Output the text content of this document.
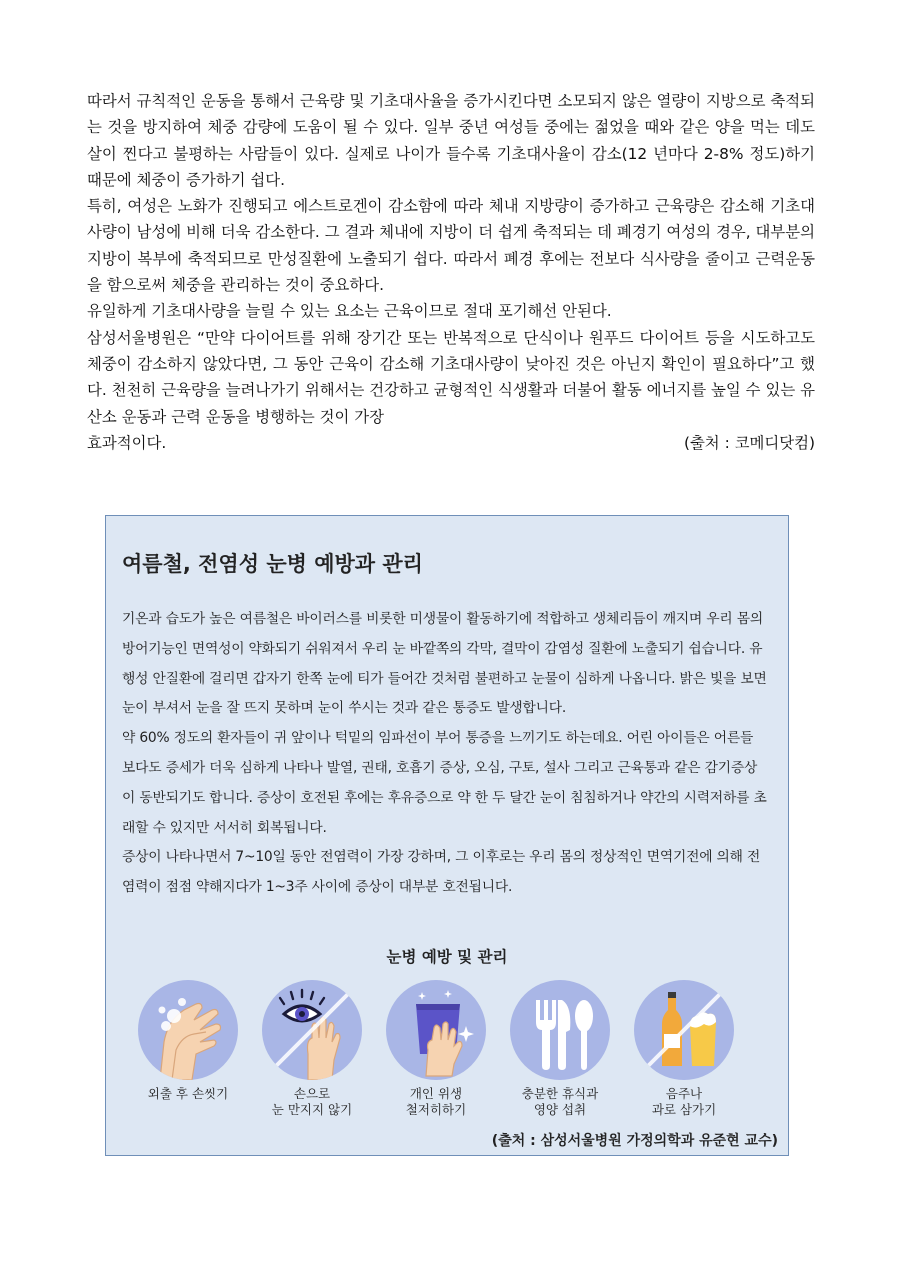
따라서 규칙적인 운동을 통해서 근육량 및 기초대사율을 증가시킨다면 소모되지 않은 열량이 지방으로 축적되는 것을 방지하여 체중 감량에 도움이 될 수 있다. 일부 중년 여성들 중에는 젊었을 때와 같은 양을 먹는 데도 살이 찐다고 불평하는 사람들이 있다. 실제로 나이가 들수록 기초대사율이 감소(12 년마다 2-8% 정도)하기 때문에 체중이 증가하기 쉽다.

특히, 여성은 노화가 진행되고 에스트로겐이 감소함에 따라 체내 지방량이 증가하고 근육량은 감소해 기초대사량이 남성에 비해 더욱 감소한다. 그 결과 체내에 지방이 더 쉽게 축적되는 데 폐경기 여성의 경우, 대부분의 지방이 복부에 축적되므로 만성질환에 노출되기 쉽다. 따라서 폐경 후에는 전보다 식사량을 줄이고 근력운동을 함으로써 체중을 관리하는 것이 중요하다.

유일하게 기초대사량을 늘릴 수 있는 요소는 근육이므로 절대 포기해선 안된다.

삼성서울병원은 “만약 다이어트를 위해 장기간 또는 반복적으로 단식이나 원푸드 다이어트 등을 시도하고도 체중이 감소하지 않았다면, 그 동안 근육이 감소해 기초대사량이 낮아진 것은 아닌지 확인이 필요하다”고 했다. 천천히 근육량을 늘려나가기 위해서는 건강하고 균형적인 식생활과 더불어 활동 에너지를 높일 수 있는 유산소 운동과 근력 운동을 병행하는 것이 가장

효과적이다.	(출처 : 코메디닷컴)

여름철, 전염성 눈병 예방과 관리

기온과 습도가 높은 여름철은 바이러스를 비롯한 미생물이 활동하기에 적합하고 생체리듬이 깨지며 우리 몸의 방어기능인 면역성이 약화되기 쉬워져서 우리 눈 바깥쪽의 각막, 결막이 감염성 질환에 노출되기 쉽습니다. 유행성 안질환에 걸리면 갑자기 한쪽 눈에 티가 들어간 것처럼 불편하고 눈물이 심하게 나옵니다. 밝은 빛을 보면 눈이 부셔서 눈을 잘 뜨지 못하며 눈이 쑤시는 것과 같은 통증도 발생합니다.

약 60% 정도의 환자들이 귀 앞이나 턱밑의 임파선이 부어 통증을 느끼기도 하는데요. 어린 아이들은 어른들 보다도 증세가 더욱 심하게 나타나 발열, 권태, 호흡기 증상, 오심, 구토, 설사 그리고 근육통과 같은 감기증상이 동반되기도 합니다. 증상이 호전된 후에는 후유증으로 약 한 두 달간 눈이 침침하거나 약간의 시력저하를 초래할 수 있지만 서서히 회복됩니다.

증상이 나타나면서 7~10일 동안 전염력이 가장 강하며, 그 이후로는 우리 몸의 정상적인 면역기전에 의해 전염력이 점점 약해지다가 1~3주 사이에 증상이 대부분 호전됩니다.

눈병 예방 및 관리
외출 후 손씻기	손으로
눈 만지지 않기
개인 위생
철저히하기
충분한 휴식과
영양 섭취
음주나
과로 삼가기
(출처 : 삼성서울병원 가정의학과 유준현 교수)
